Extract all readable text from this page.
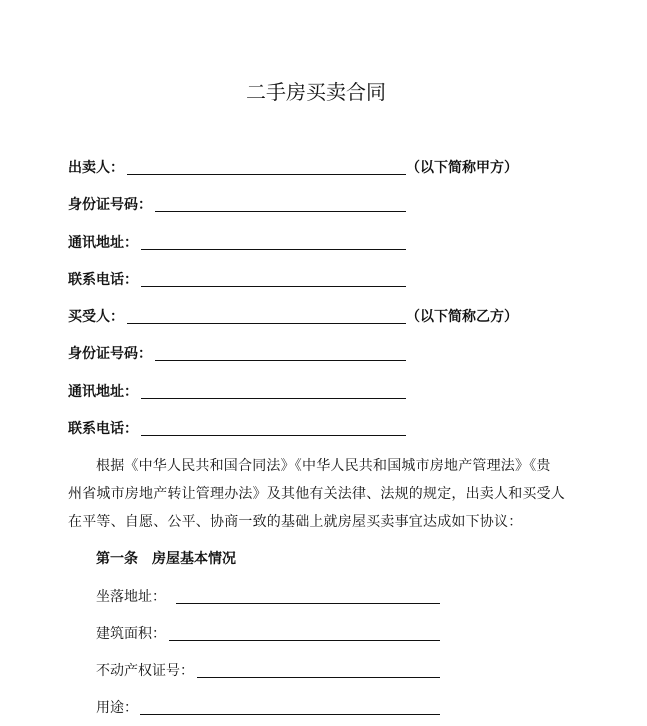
二手房买卖合同
出卖人：	（以下简称甲方）
身份证号码：
通讯地址：
联系电话：
买受人：	（以下简称乙方）
身份证号码：
通讯地址：
联系电话：
根据《中华人民共和国合同法》《中华人民共和国城市房地产管理法》《贵
州省城市房地产转让管理办法》及其他有关法律、法规的规定，出卖人和买受人
在平等、自愿、公平、协商一致的基础上就房屋买卖事宜达成如下协议：
第一条　房屋基本情况
坐落地址：
建筑面积：
不动产权证号：
用途：
